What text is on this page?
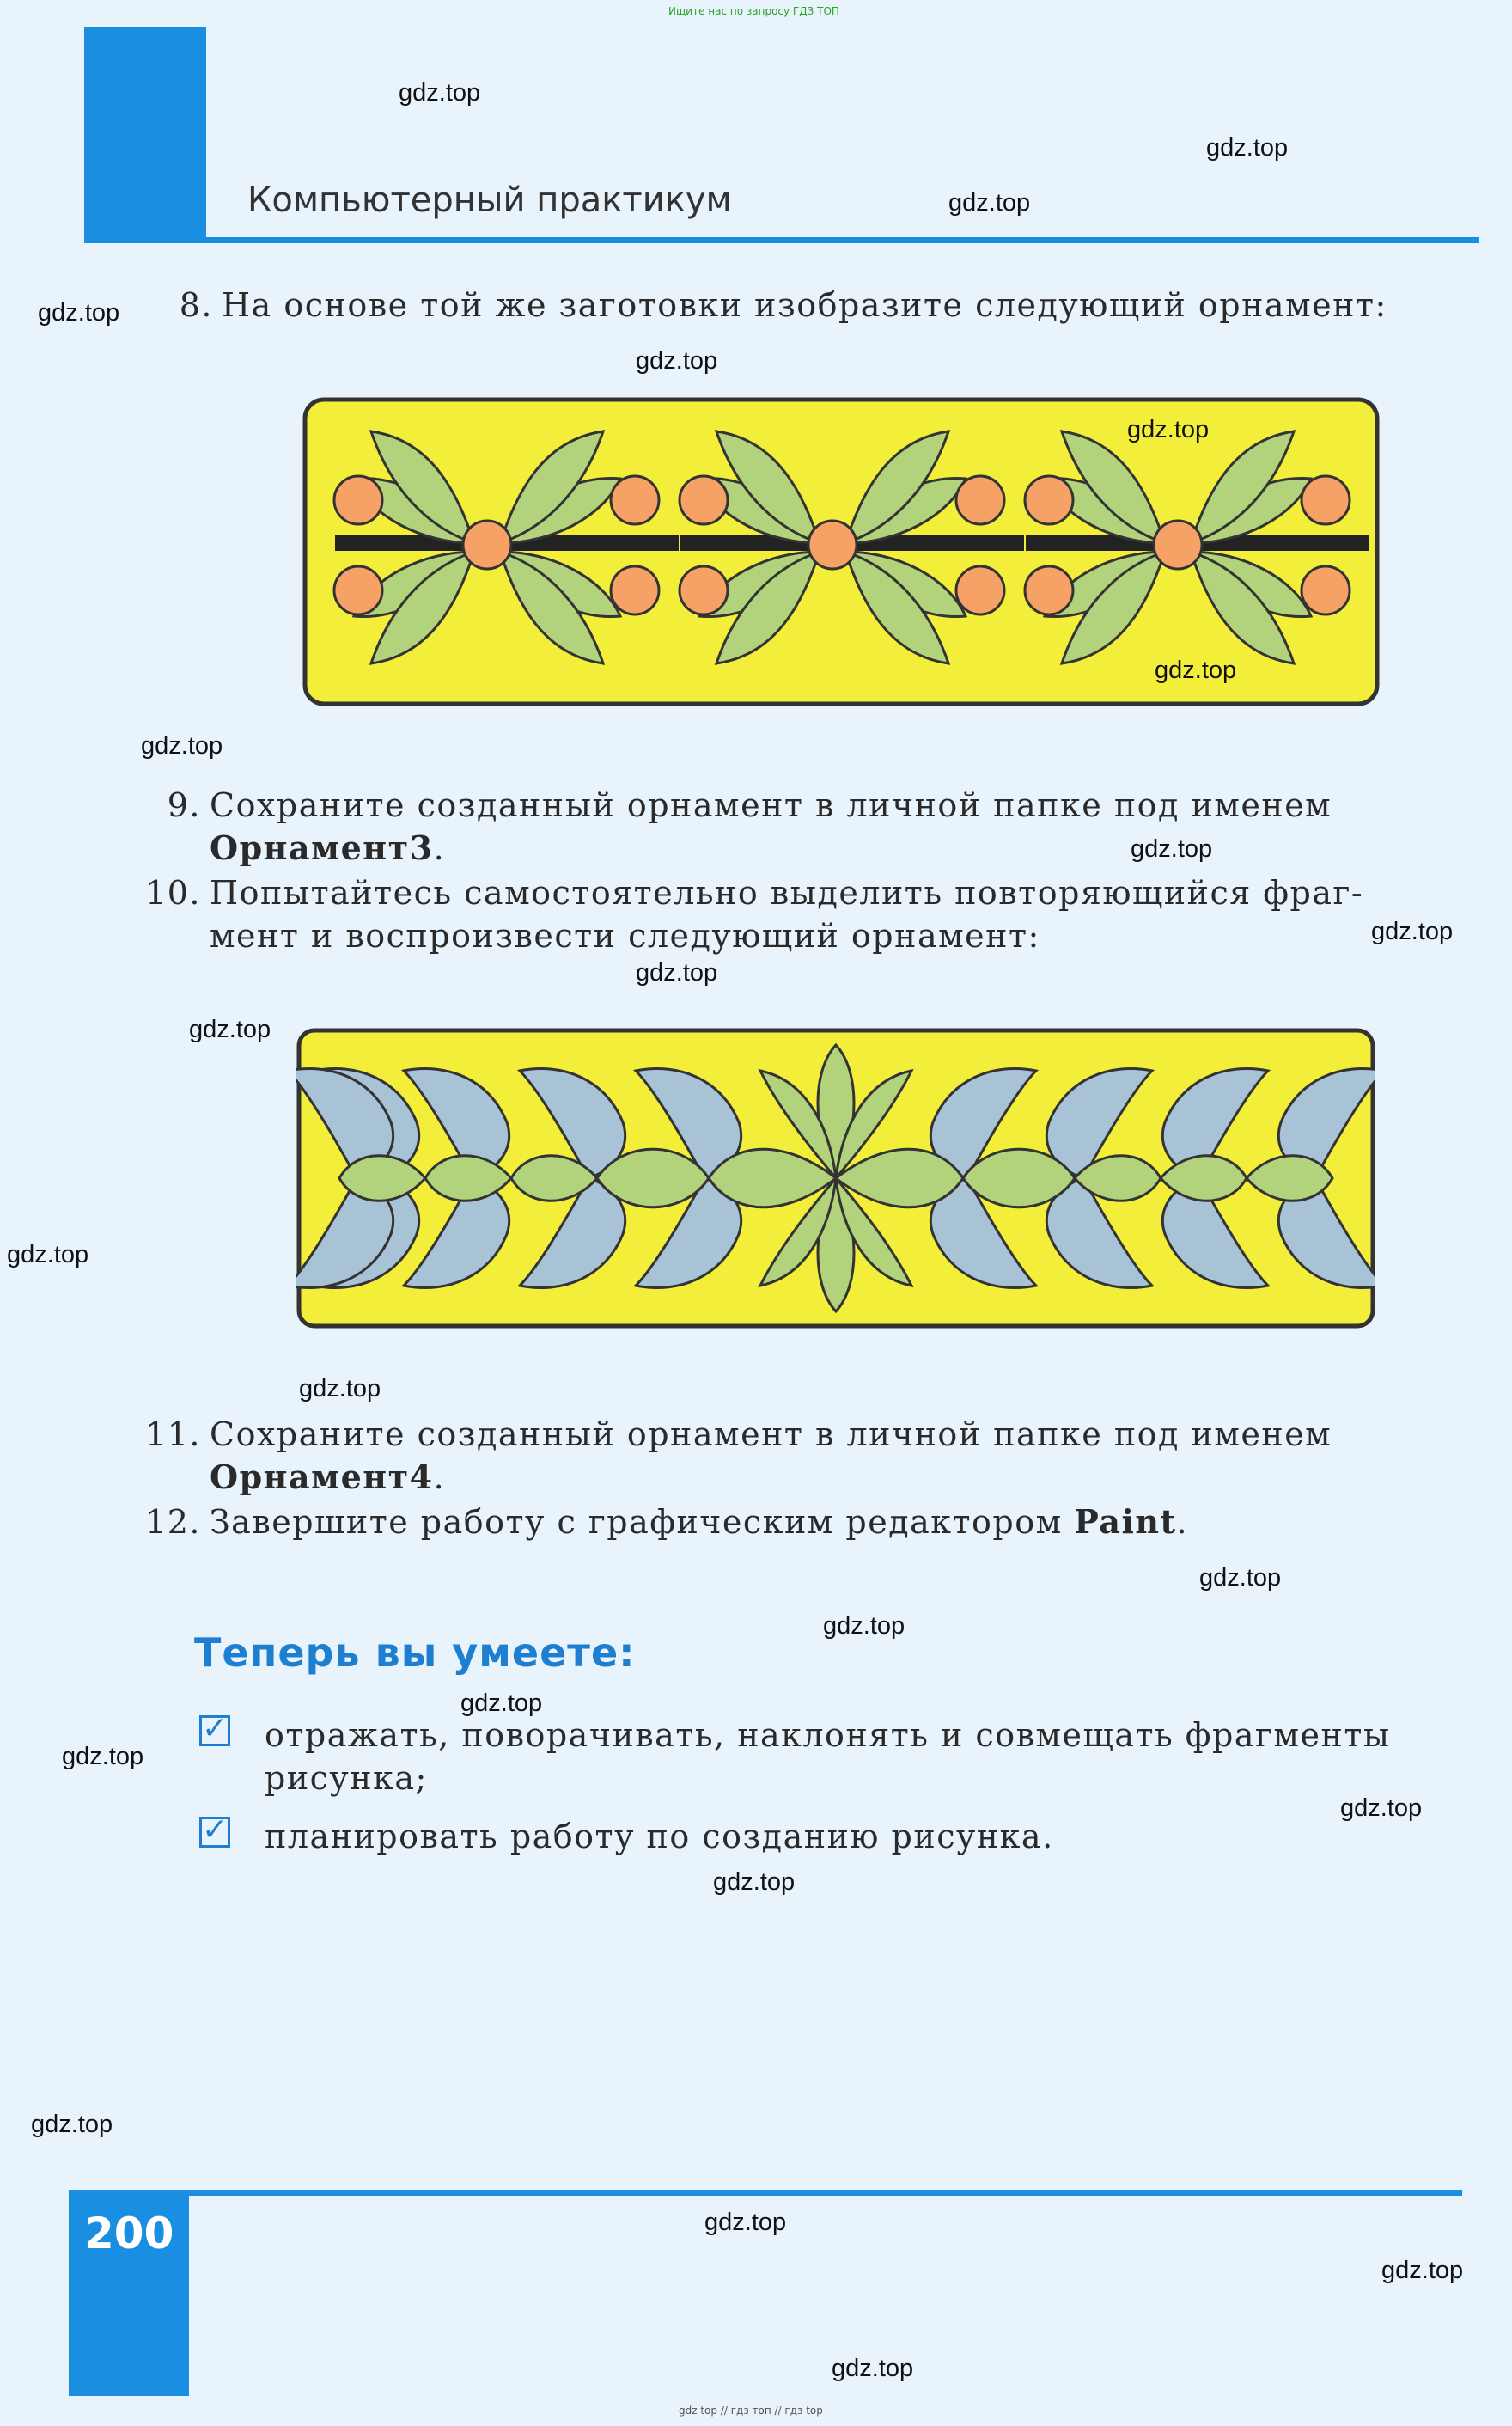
Ищите нас по запросу ГДЗ ТОП
Компьютерный практикум
8. На основе той же заготовки изобразите следующий орнамент:
9. Сохраните созданный орнамент в личной папке под именем
Орнамент3.
10. Попытайтесь самостоятельно выделить повторяющийся фраг-
мент и воспроизвести следующий орнамент:
11. Сохраните созданный орнамент в личной папке под именем
Орнамент4.
12. Завершите работу с графическим редактором Paint.
Теперь вы умеете:
✓ отражать, поворачивать, наклонять и совмещать фрагменты
рисунка;
✓ планировать работу по созданию рисунка.
200
gdz.top
gdz.top
gdz.top
gdz.top
gdz.top
gdz.top
gdz.top
gdz.top
gdz.top
gdz.top
gdz.top
gdz.top
gdz.top
gdz.top
gdz.top
gdz.top
gdz.top
gdz.top
gdz.top
gdz.top
gdz.top
gdz.top
gdz.top
gdz.top
gdz top // гдз топ // гдз top
